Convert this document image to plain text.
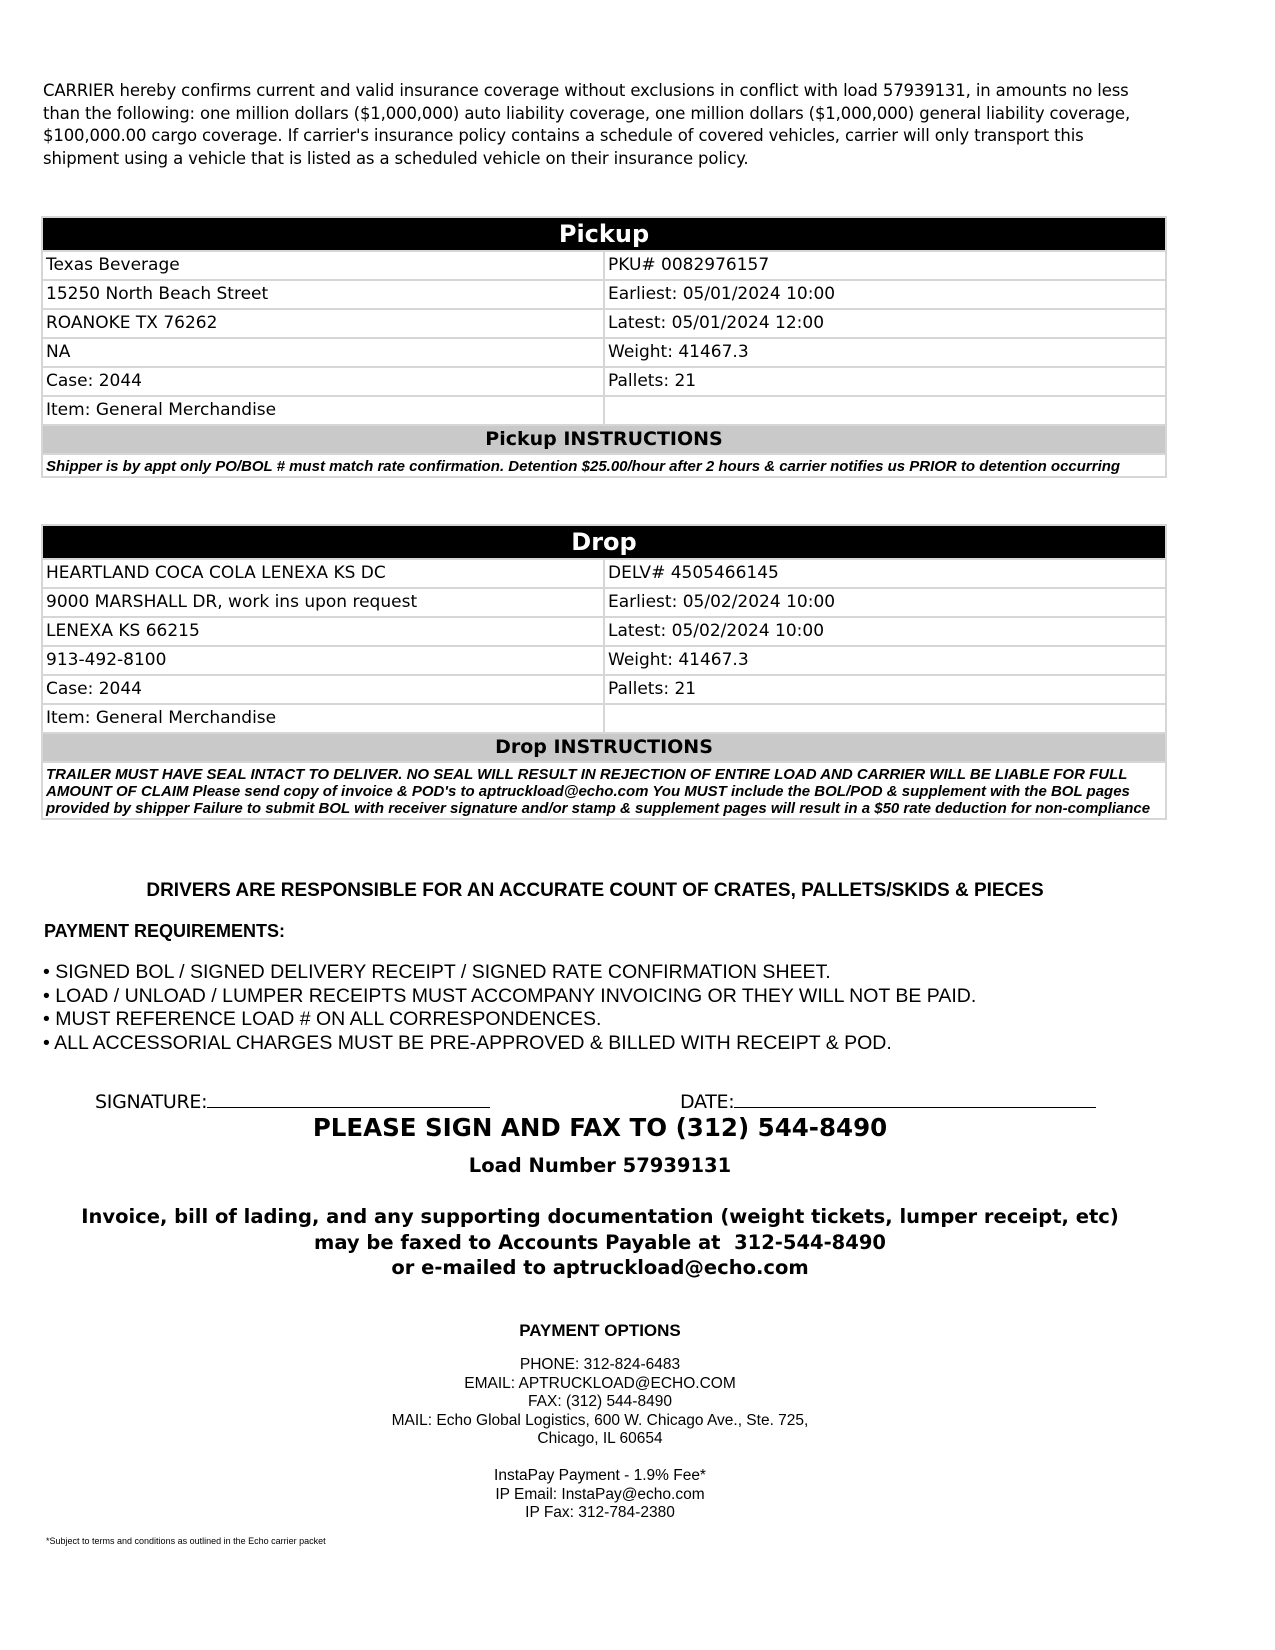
CARRIER hereby confirms current and valid insurance coverage without exclusions in conflict with load 57939131, in amounts no less

than the following: one million dollars ($1,000,000) auto liability coverage, one million dollars ($1,000,000) general liability coverage,

$100,000.00 cargo coverage. If carrier's insurance policy contains a schedule of covered vehicles, carrier will only transport this

shipment using a vehicle that is listed as a scheduled vehicle on their insurance policy.

Pickup	
Texas Beverage	PKU# 0082976157
15250 North Beach Street	Earliest: 05/01/2024 10:00
ROANOKE TX 76262	Latest: 05/01/2024 12:00
NA	Weight: 41467.3
Case: 2044	Pallets: 21
Item: General Merchandise	
Pickup INSTRUCTIONS	
Shipper is by appt only PO/BOL # must match rate confirmation. Detention $25.00/hour after 2 hours & carrier notifies us PRIOR to detention occurring	
Drop	
HEARTLAND COCA COLA LENEXA KS DC	DELV# 4505466145
9000 MARSHALL DR, work ins upon request	Earliest: 05/02/2024 10:00
LENEXA KS 66215	Latest: 05/02/2024 10:00
913-492-8100	Weight: 41467.3
Case: 2044	Pallets: 21
Item: General Merchandise	
Drop INSTRUCTIONS	
TRAILER MUST HAVE SEAL INTACT TO DELIVER. NO SEAL WILL RESULT IN REJECTION OF ENTIRE LOAD AND CARRIER WILL BE LIABLE FOR FULL AMOUNT OF CLAIM Please send copy of invoice & POD's to aptruckload@echo.com You MUST include the BOL/POD & supplement with the BOL pages provided by shipper Failure to submit BOL with receiver signature and/or stamp & supplement pages will result in a $50 rate deduction for non-compliance	
DRIVERS ARE RESPONSIBLE FOR AN ACCURATE COUNT OF CRATES, PALLETS/SKIDS & PIECES
PAYMENT REQUIREMENTS:
• SIGNED BOL / SIGNED DELIVERY RECEIPT / SIGNED RATE CONFIRMATION SHEET.
• LOAD / UNLOAD / LUMPER RECEIPTS MUST ACCOMPANY INVOICING OR THEY WILL NOT BE PAID.
• MUST REFERENCE LOAD # ON ALL CORRESPONDENCES.
• ALL ACCESSORIAL CHARGES MUST BE PRE-APPROVED & BILLED WITH RECEIPT & POD.
SIGNATURE:	DATE:
PLEASE SIGN AND FAX TO (312) 544-8490
Load Number 57939131
Invoice, bill of lading, and any supporting documentation (weight tickets, lumper receipt, etc)
may be faxed to Accounts Payable at  312-544-8490
or e-mailed to aptruckload@echo.com
PAYMENT OPTIONS
PHONE: 312-824-6483
EMAIL: APTRUCKLOAD@ECHO.COM
FAX: (312) 544-8490
MAIL: Echo Global Logistics, 600 W. Chicago Ave., Ste. 725,
Chicago, IL 60654
InstaPay Payment - 1.9% Fee*
IP Email: InstaPay@echo.com
IP Fax: 312-784-2380
*Subject to terms and conditions as outlined in the Echo carrier packet
